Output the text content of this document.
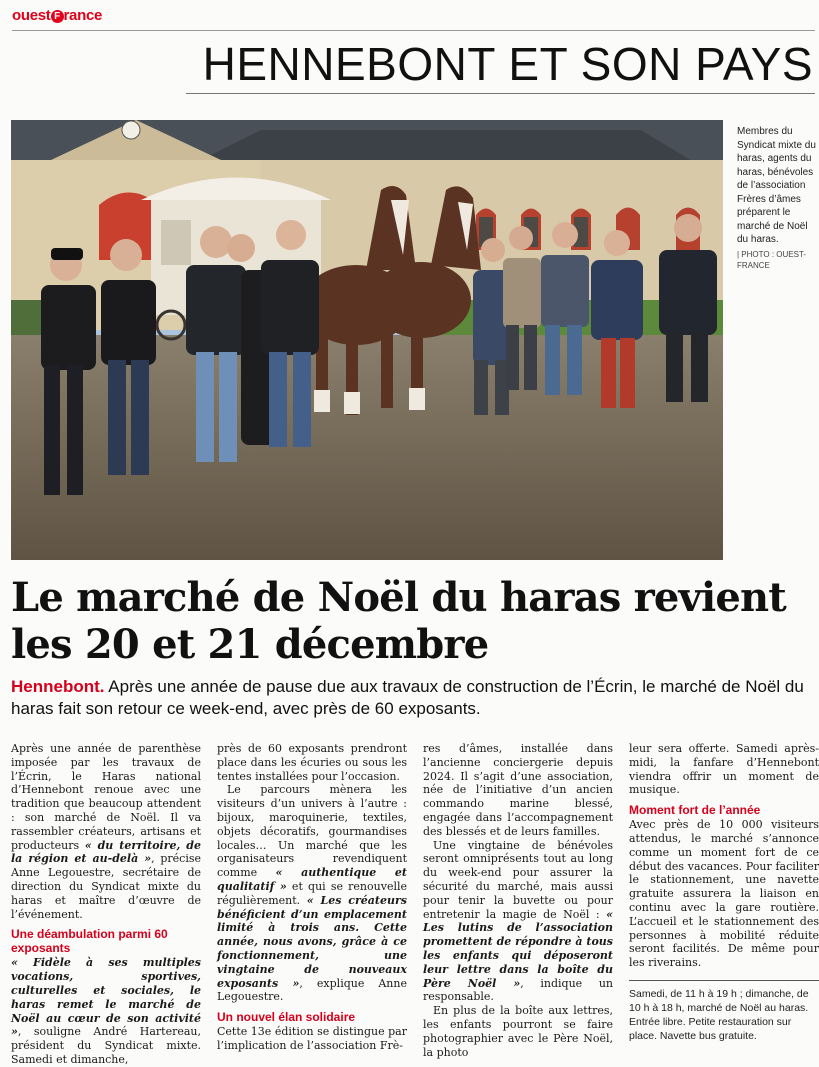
ouest F rance
HENNEBONT ET SON PAYS
Membres du Syndicat mixte du haras, agents du haras, bénévoles de l’association Frères d’âmes préparent le marché de Noël du haras.
| PHOTO : OUEST-FRANCE
Le marché de Noël du haras revient
les 20 et 21 décembre
Hennebont. Après une année de pause due aux travaux de construction de l’Écrin, le marché de Noël du haras fait son retour ce week-end, avec près de 60 exposants.

Après une année de parenthèse imposée par les travaux de l’Écrin, le Haras national d’Hennebont renoue avec une tradition que beaucoup attendent : son marché de Noël. Il va rassembler créateurs, artisans et producteurs « du territoire, de la région et au-delà », précise Anne Legouestre, secrétaire de direction du Syndicat mixte du haras et maître d’œuvre de l’événement.

Une déambulation parmi 60 exposants

« Fidèle à ses multiples vocations, sportives, culturelles et sociales, le haras remet le marché de Noël au cœur de son activité », souligne André Hartereau, président du Syndicat mixte. Samedi et dimanche,

près de 60 exposants prendront place dans les écuries ou sous les tentes installées pour l’occasion.

Le parcours mènera les visiteurs d’un univers à l’autre : bijoux, maroquinerie, textiles, objets décoratifs, gourmandises locales… Un marché que les organisateurs revendiquent comme « authentique et qualitatif » et qui se renouvelle régulièrement. « Les créateurs bénéficient d’un emplacement limité à trois ans. Cette année, nous avons, grâce à ce fonctionnement, une vingtaine de nouveaux exposants », explique Anne Legouestre.

Un nouvel élan solidaire

Cette 13e édition se distingue par l’implication de l’association Frè-

res d’âmes, installée dans l’ancienne conciergerie depuis 2024. Il s’agit d’une association, née de l’initiative d’un ancien commando marine blessé, engagée dans l’accompagnement des blessés et de leurs familles.

Une vingtaine de bénévoles seront omniprésents tout au long du week-end pour assurer la sécurité du marché, mais aussi pour tenir la buvette ou pour entretenir la magie de Noël : « Les lutins de l’association promettent de répondre à tous les enfants qui déposeront leur lettre dans la boîte du Père Noël », indique un responsable.

En plus de la boîte aux lettres, les enfants pourront se faire photographier avec le Père Noël, la photo

leur sera offerte. Samedi après-midi, la fanfare d’Hennebont viendra offrir un moment de musique.

Moment fort de l’année

Avec près de 10 000 visiteurs attendus, le marché s’annonce comme un moment fort de ce début des vacances. Pour faciliter le stationnement, une navette gratuite assurera la liaison en continu avec la gare routière. L’accueil et le stationnement des personnes à mobilité réduite seront facilités. De même pour les riverains.

Samedi, de 11 h à 19 h ; dimanche, de 10 h à 18 h, marché de Noël au haras. Entrée libre. Petite restauration sur place. Navette bus gratuite.
